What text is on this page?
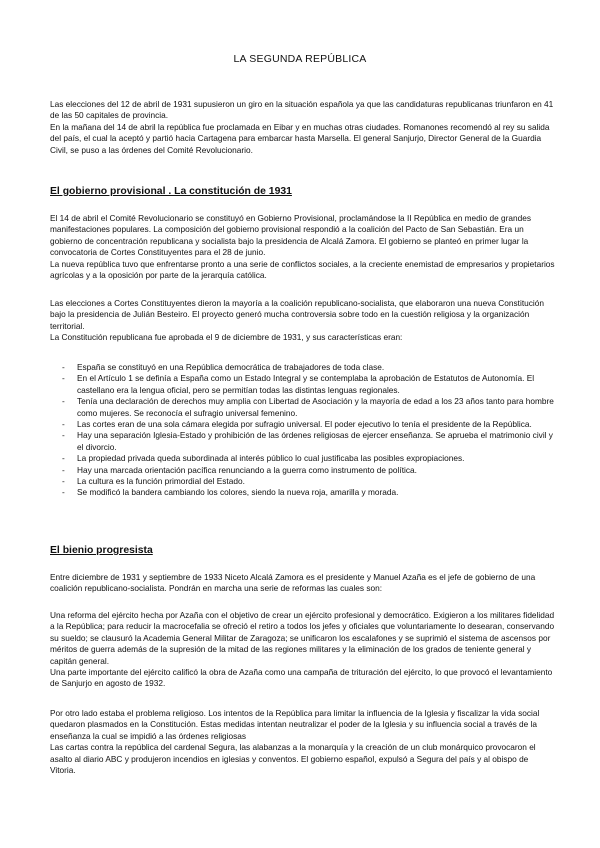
LA SEGUNDA REPÚBLICA

Las elecciones del 12 de abril de 1931 supusieron un giro en la situación española ya que las candidaturas republicanas triunfaron en 41 de las 50 capitales de provincia.

En la mañana del 14 de abril la república fue proclamada en Eibar y en muchas otras ciudades. Romanones recomendó al rey su salida del país, el cual la aceptó y partió hacia Cartagena para embarcar hasta Marsella. El general Sanjurjo, Director General de la Guardia Civil, se puso a las órdenes del Comité Revolucionario.

El gobierno provisional . La constitución de 1931

El 14 de abril el Comité Revolucionario se constituyó en Gobierno Provisional, proclamándose la II República en medio de grandes manifestaciones populares. La composición del gobierno provisional respondió a la coalición del Pacto de San Sebastián. Era un gobierno de concentración republicana y socialista bajo la presidencia de Alcalá Zamora. El gobierno se planteó en primer lugar la convocatoria de Cortes Constituyentes para el 28 de junio.

La nueva república tuvo que enfrentarse pronto a una serie de conflictos sociales, a la creciente enemistad de empresarios y propietarios agrícolas y a la oposición por parte de la jerarquía católica.

Las elecciones a Cortes Constituyentes dieron la mayoría a la coalición republicano-socialista, que elaboraron una nueva Constitución bajo la presidencia de Julián Besteiro. El proyecto generó mucha controversia sobre todo en la cuestión religiosa y la organización territorial.

La Constitución republicana fue aprobada el 9 de diciembre de 1931, y sus características eran:

- España se constituyó en una República democrática de trabajadores de toda clase.
- En el Artículo 1 se definía a España como un Estado Integral y se contemplaba la aprobación de Estatutos de Autonomía. El castellano era la lengua oficial, pero se permitían todas las distintas lenguas regionales.
- Tenía una declaración de derechos muy amplia con Libertad de Asociación y la mayoría de edad a los 23 años tanto para hombre como mujeres. Se reconocía el sufragio universal femenino.
- Las cortes eran de una sola cámara elegida por sufragio universal. El poder ejecutivo lo tenía el presidente de la República.
- Hay una separación Iglesia-Estado y prohibición de las órdenes religiosas de ejercer enseñanza. Se aprueba el matrimonio civil y el divorcio.
- La propiedad privada queda subordinada al interés público lo cual justificaba las posibles expropiaciones.
- Hay una marcada orientación pacífica renunciando a la guerra como instrumento de política.
- La cultura es la función primordial del Estado.
- Se modificó la bandera cambiando los colores, siendo la nueva roja, amarilla y morada.
El bienio progresista

Entre diciembre de 1931 y septiembre de 1933 Niceto Alcalá Zamora es el presidente y Manuel Azaña es el jefe de gobierno de una coalición republicano-socialista. Pondrán en marcha una serie de reformas las cuales son:

Una reforma del ejército hecha por Azaña con el objetivo de crear un ejército profesional y democrático. Exigieron a los militares fidelidad a la República; para reducir la macrocefalia se ofreció el retiro a todos los jefes y oficiales que voluntariamente lo desearan, conservando su sueldo; se clausuró la Academia General Militar de Zaragoza; se unificaron los escalafones y se suprimió el sistema de ascensos por méritos de guerra además de la supresión de la mitad de las regiones militares y la eliminación de los grados de teniente general y capitán general.

Una parte importante del ejército calificó la obra de Azaña como una campaña de trituración del ejército, lo que provocó el levantamiento de Sanjurjo en agosto de 1932.

Por otro lado estaba el problema religioso. Los intentos de la República para limitar la influencia de la Iglesia y fiscalizar la vida social quedaron plasmados en la Constitución. Estas medidas intentan neutralizar el poder de la Iglesia y su influencia social a través de la enseñanza la cual se impidió a las órdenes religiosas

Las cartas contra la república del cardenal Segura, las alabanzas a la monarquía y la creación de un club monárquico provocaron el asalto al diario ABC y produjeron incendios en iglesias y conventos. El gobierno español, expulsó a Segura del país y al obispo de Vitoria.
